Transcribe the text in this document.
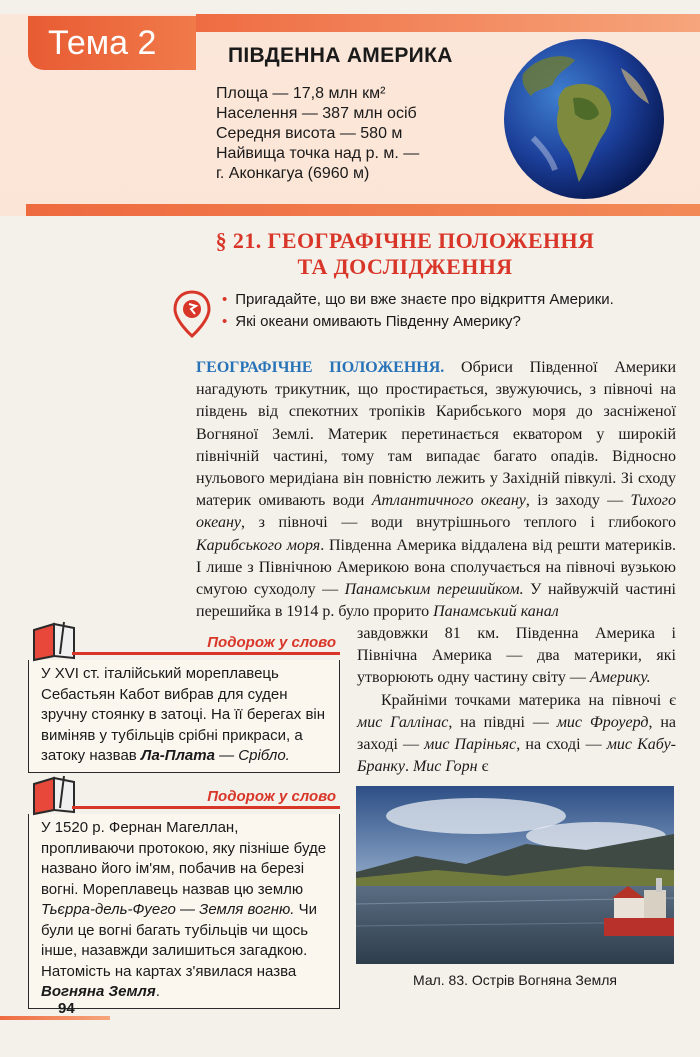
Тема 2	ПІВДЕННА АМЕРИКА
Площа — 17,8 млн км²
Населення — 387 млн осіб
Середня висота — 580 м
Найвища точка над р. м. —
г. Аконкагуа (6960 м)
§ 21. ГЕОГРАФІЧНЕ ПОЛОЖЕННЯ
ТА ДОСЛІДЖЕННЯ
• Пригадайте, що ви вже знаєте про відкриття Америки.
• Які океани омивають Південну Америку?

ГЕОГРАФІЧНЕ ПОЛОЖЕННЯ. Обриси Південної Америки нагадують трикутник, що простирається, звужуючись, з півночі на південь від спекотних тропіків Карибського моря до засніженої Вогняної Землі. Материк перетинається екватором у широкій північній частині, тому там випадає багато опадів. Відносно нульового меридіана він повністю лежить у Західній півкулі. Зі сходу материк омивають води Атлантичного океану, із заходу — Тихого океану, з півночі — води внутрішнього теплого і глибокого Карибського моря. Південна Америка віддалена від решти материків. І лише з Північною Америкою вона сполучається на півночі вузькою смугою суходолу — Панамським перешийком. У найвужчій частині перешийка в 1914 р. було прорито Панамський канал

завдовжки 81 км. Південна Америка і Північна Америка — два материки, які утворюють одну частину світу — Америку.

Крайніми точками материка на півночі є мис Галлінас, на півдні — мис Фроуерд, на заході — мис Паріньяс, на сході — мис Кабу-Бранку. Мис Горн є

Подорож у слово
У XVI ст. італійський мореплавець Себастьян Кабот вибрав для суден зручну стоянку в затоці. На її берегах він виміняв у тубільців срібні прикраси, а затоку назвав Ла-Плата — Срібло.
Подорож у слово
У 1520 р. Фернан Магеллан, пропливаючи протокою, яку пізніше буде названо його ім'ям, побачив на березі вогні. Мореплавець назвав цю землю Тьєрра-дель-Фуего — Земля вогню. Чи були це вогні багать тубільців чи щось інше, назавжди залишиться загадкою. Натомість на картах з'явилася назва Вогняна Земля.
Мал. 83. Острів Вогняна Земля
94
